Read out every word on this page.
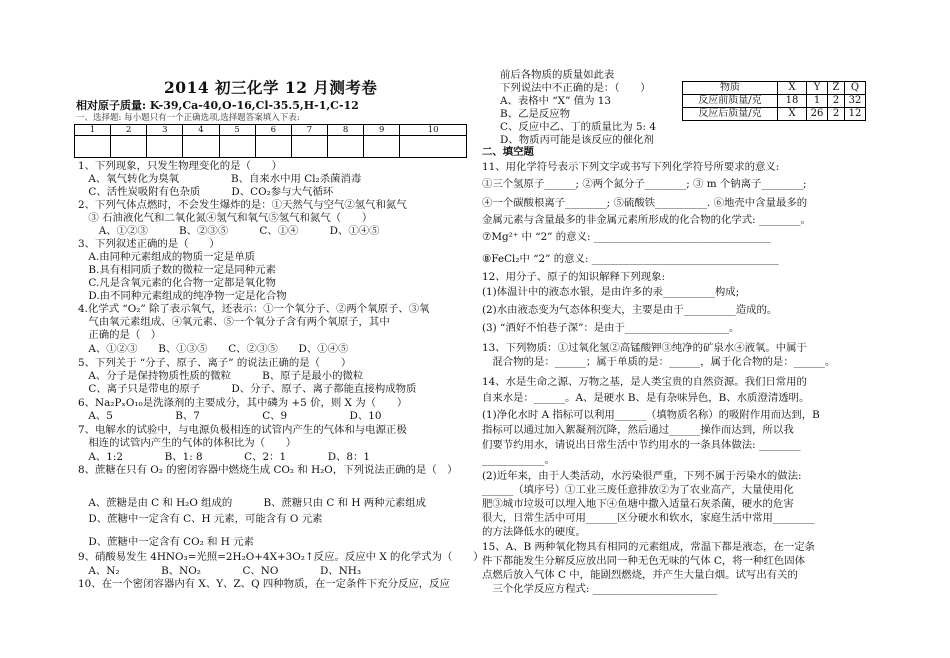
2014 初三化学 12 月测考卷
相对原子质量: K-39,Ca-40,O-16,Cl-35.5,H-1,C-12
一、选择题: 每小题只有一个正确选项,选择题答案填入下表:
1	2	3	4	5	6	7	8	9	10

1、下列现象，只发生物理变化的是（　　）
　A、氧气转化为臭氧　　　　　B、自来水中用 Cl₂杀菌消毒
　C、活性炭吸附有色杂质　　　D、CO₂参与大气循环
2、下列气体点燃时，不会发生爆炸的是：①天然气与空气②氢气和氮气
　③ 石油液化气和二氧化氮④氢气和氧气⑤氢气和氮气（　　）
　　A、①②③　　　B、②③⑤　　　C、①④　　　D、①④⑤
3、下列叙述正确的是（　　）
　A.由同种元素组成的物质一定是单质
　B.具有相同质子数的微粒一定是同种元素
　C.凡是含氧元素的化合物一定都是氧化物
　D.由不同种元素组成的纯净物一定是化合物
4.化学式 “O₂” 除了表示氧气，还表示：①一个氧分子、②两个氧原子、③氧
　气由氧元素组成、④氧元素、⑤一个氧分子含有两个氧原子，其中
　正确的是（　）
　A、①②③　　B、①③⑤　　C、②③⑤　　D、①④⑤
5、下列关于 “分子、原子、离子” 的说法正确的是（　　）
　A、分子是保持物质性质的微粒　　　B、原子是最小的微粒
　C、离子只是带电的原子　　　D、分子、原子、离子都能直接构成物质
6、Na₂PₓO₁₀是洗涤剂的主要成分，其中磷为 +5 价，则 X 为（　　）
　A、5　　　　　　B、7　　　　　　C、9　　　　　　D、10
7、电解水的试验中，与电源负极相连的试管内产生的气体和与电源正极
　相连的试管内产生的气体的体积比为（　　）
　A、1:2　　　　B、1: 8　　　　C、2：1　　　　D、8：1
8、蔗糖在只有 O₂ 的密闭容器中燃烧生成 CO₂ 和 H₂O，下列说法正确的是（　）
　A、蔗糖是由 C 和 H₂O 组成的　　　B、蔗糖只由 C 和 H 两种元素组成
　D、蔗糖中一定含有 C、H 元素，可能含有 O 元素
　D、蔗糖中一定含有 CO₂ 和 H 元素
9、硝酸易发生 4HNO₃=光照=2H₂O+4X+3O₂↑反应。反应中 X 的化学式为（　　）
　A、N₂　　　　B、NO₂　　　　C、NO　　　　D、NH₃
10、在一个密闭容器内有 X、Y、Z、Q 四种物质，在一定条件下充分反应，反应
前后各物质的质量如此表
下列说法中不正确的是：（　　）
A、表格中 “X” 值为 13
B、乙是反应物
C、反应中乙、丁的质量比为 5: 4
D、物质丙可能是该反应的催化剂
物质	X	Y	Z	Q
反应前质量/克	18	1	2	32
反应后质量/克	X	26	2	12
二、填空题
11、用化学符号表示下列文字或书写下列化学符号所要求的意义:
①三个氢原子______; ②两个氮分子________; ③ m 个钠离子________;
④一个碳酸根离子________; ⑤硫酸铁__________. ⑥地壳中含量最多的
金属元素与含量最多的非金属元素所形成的化合物的化学式: ________。
⑦Mg²⁺ 中 “2” 的意义: __________________________________
⑧FeCl₂中 “2” 的意义: ____________________________________
12、用分子、原子的知识解释下列现象:
(1)体温计中的液态水银，是由许多的汞__________构成;
(2)水由液态变为气态体积变大，主要是由于__________造成的。
(3) “酒好不怕巷子深”：是由于____________________。
13、下列物质：①过氧化氢②高锰酸钾③纯净的矿泉水④液氧。中属于
　混合物的是：______；属于单质的是：______，属于化合物的是：______。
14、水是生命之源、万物之基，是人类宝贵的自然资源。我们日常用的
自来水是：______。A、是硬水 B、是有杂味异色，B、水质澄清透明。
(1)净化水时 A 指标可以利用______（填物质名称）的吸附作用而达到，B
指标可以通过加入絮凝剂沉降，然后通过______操作而达到，所以我
们要节约用水，请说出日常生活中节约用水的一条具体做法: ________
____________。
(2)近年来，由于人类活动，水污染很严重，下列不属于污染水的做法:
______（填序号）①工业三废任意排放②为了农业高产，大量使用化
肥③城市垃圾可以埋入地下④鱼塘中撒入适量石灰杀菌，硬水的危害
很大，日常生活中可用______区分硬水和软水，家庭生活中常用________
的方法降低水的硬度。
15、A、B 两种氧化物具有相同的元素组成，常温下都是液态，在一定条
件下都能发生分解反应放出同一种无色无味的气体 C，将一种红色固体
点燃后放入气体 C 中，能剧烈燃烧，并产生大量白烟。试写出有关的
　三个化学反应方程式: ________________________
